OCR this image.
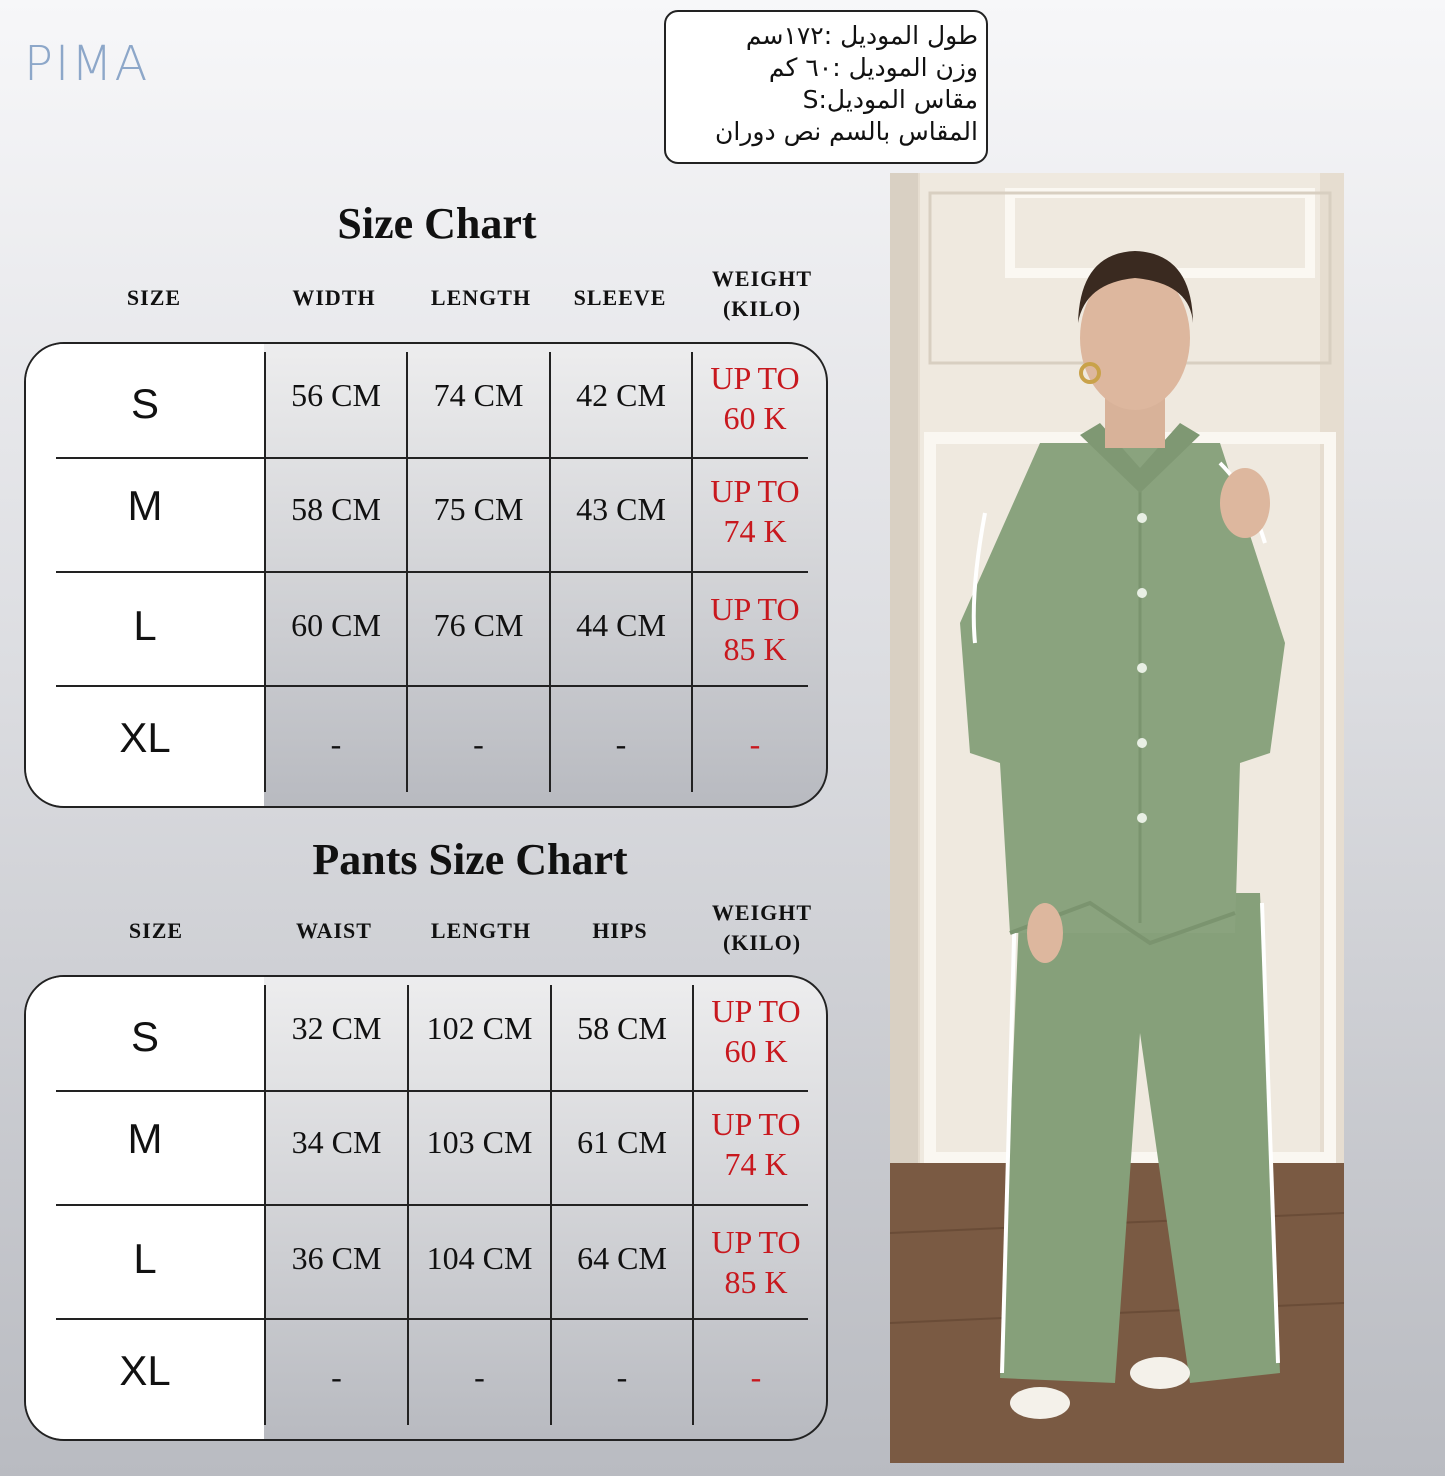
PIMA
طول الموديل :١٧٢سم
وزن الموديل :٦٠ كم
مقاس الموديل:S
المقاس بالسم نص دوران
Size Chart
SIZE	WIDTH	LENGTH	SLEEVE
WEIGHT
(KILO)
S	56 CM	74 CM	42 CM	UP TO
60 K
M	58 CM	75 CM	43 CM	UP TO
74 K
L	60 CM	76 CM	44 CM	UP TO
85 K
XL	-	-	-	-
Pants Size Chart
SIZE	WAIST	LENGTH	HIPS
WEIGHT
(KILO)
S	32 CM	102 CM	58 CM	UP TO
60 K
M	34 CM	103 CM	61 CM	UP TO
74 K
L	36 CM	104 CM	64 CM	UP TO
85 K
XL	-	-	-	-
